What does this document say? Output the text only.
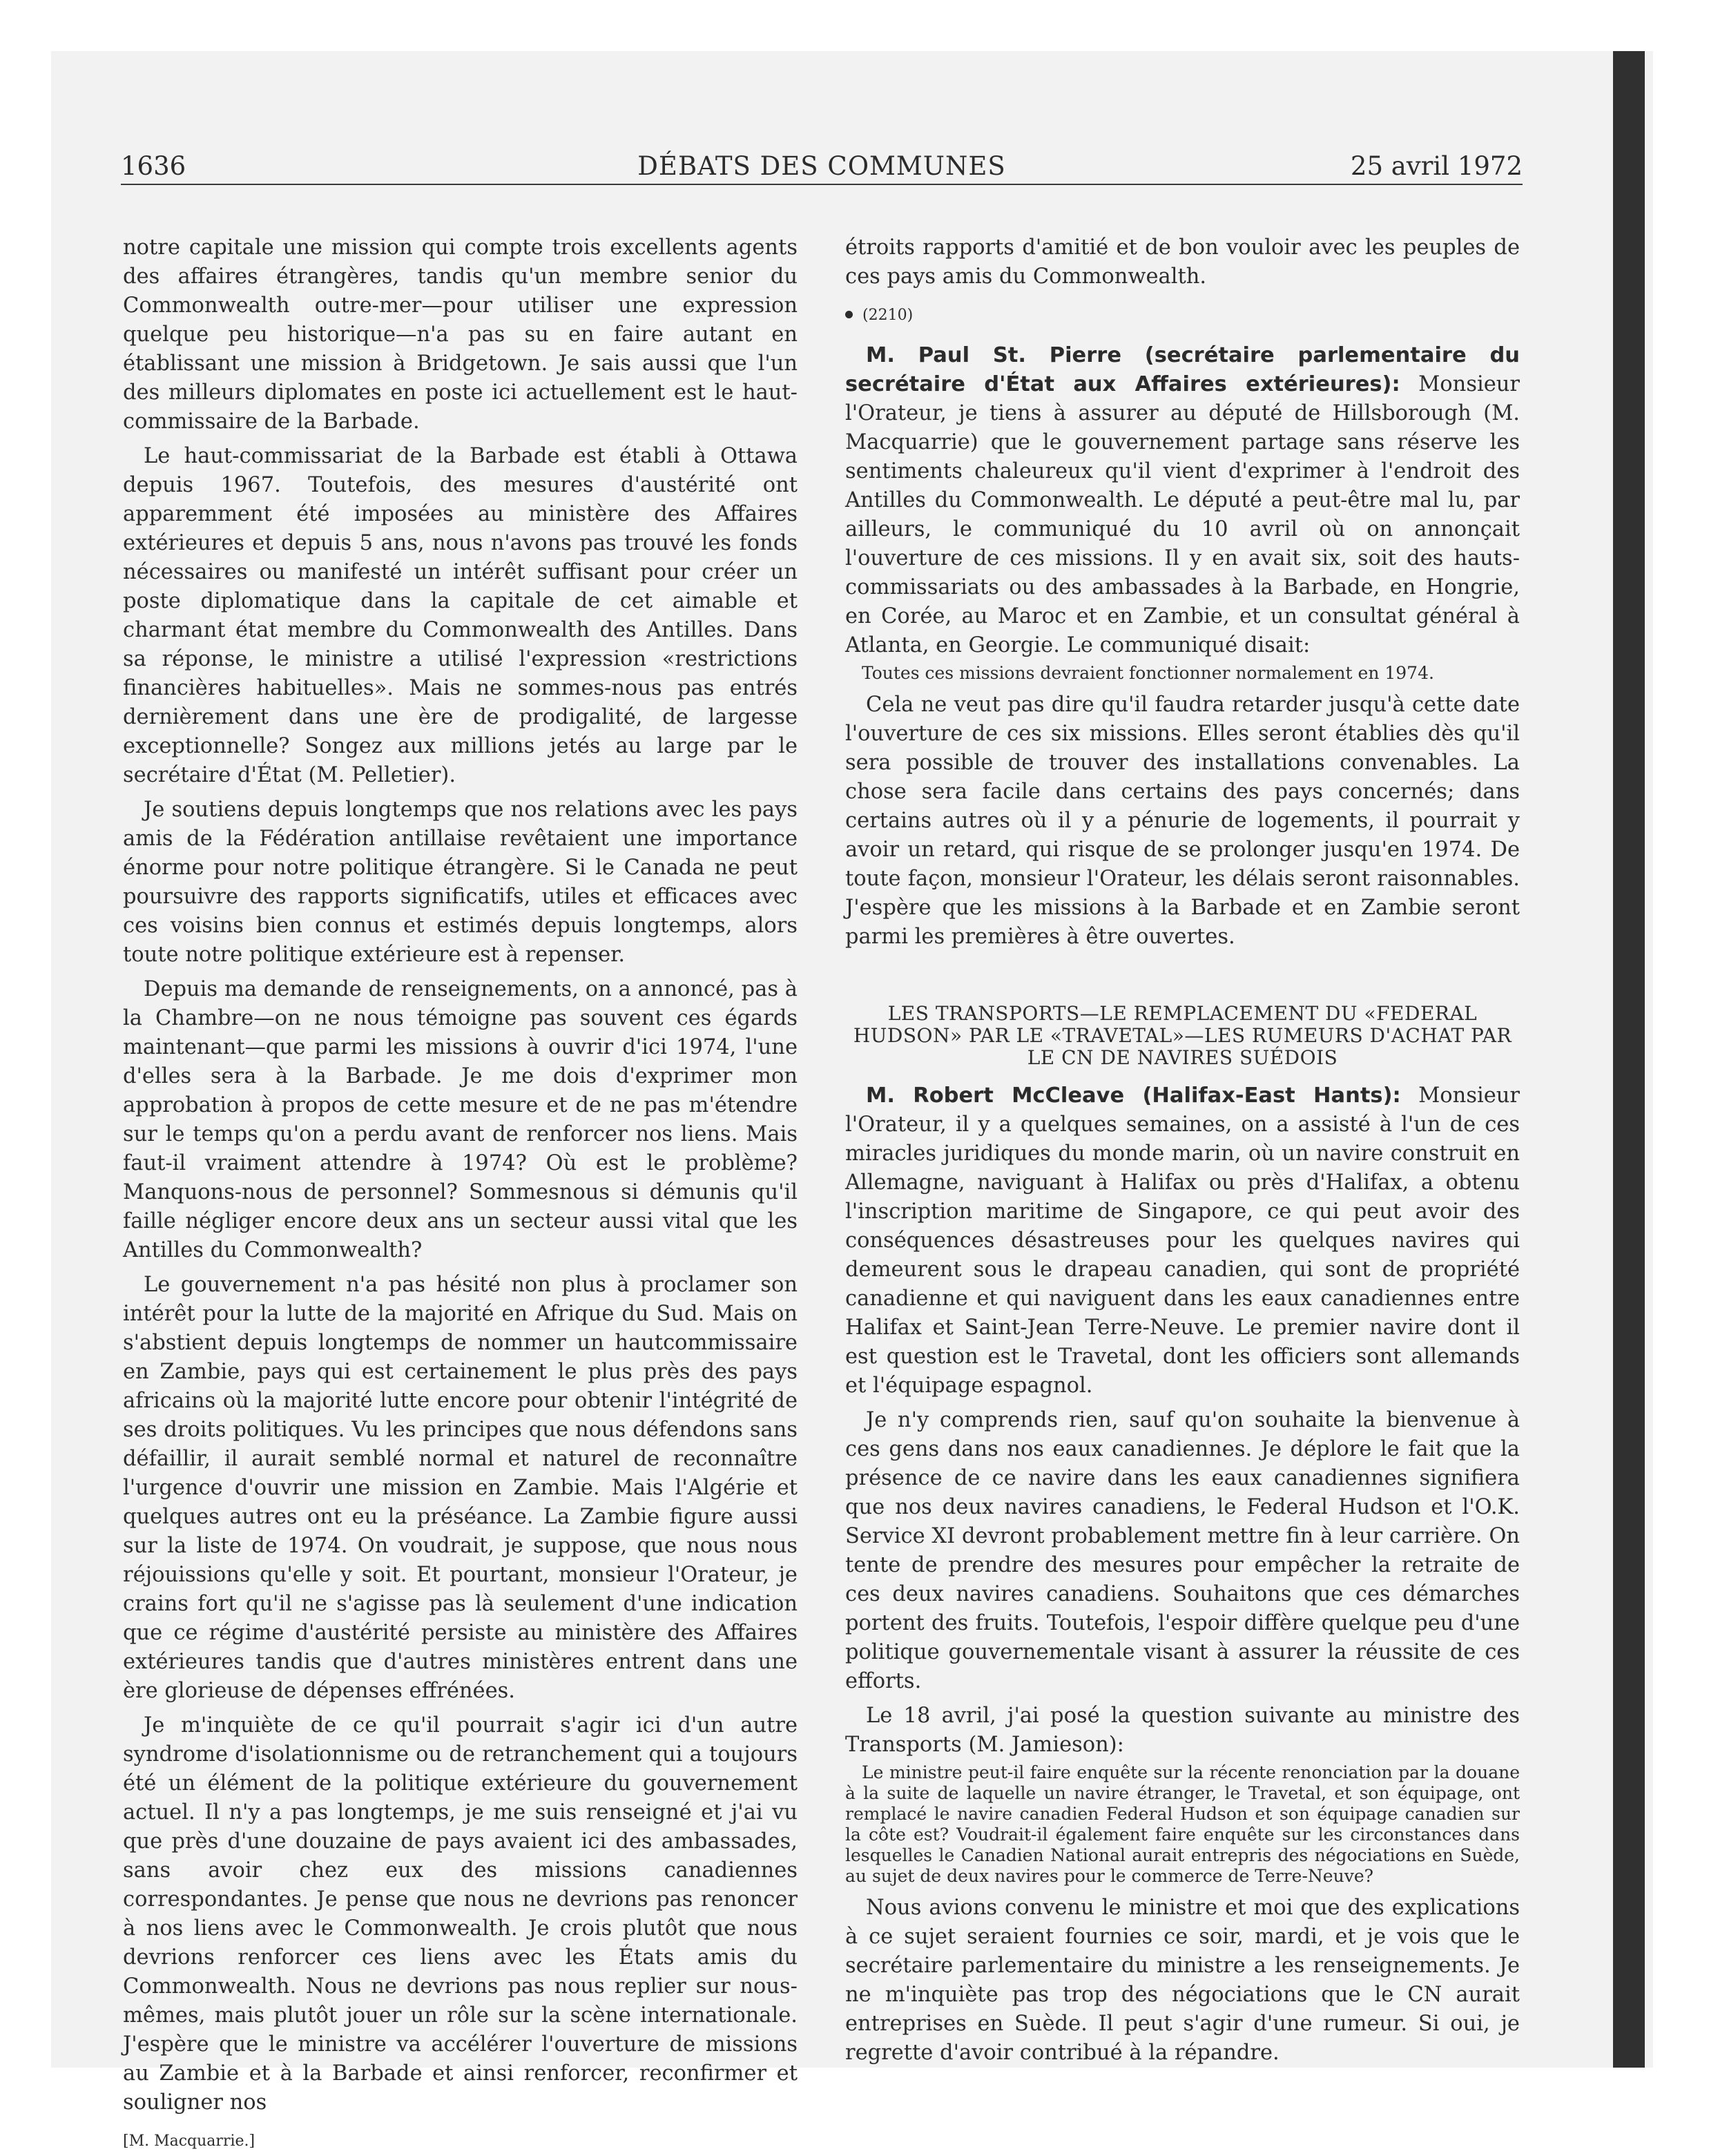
DÉBATS DES COMMUNES
1636	25 avril 1972

notre capitale une mission qui compte trois excellents agents des affaires étrangères, tandis qu'un membre senior du Commonwealth outre-mer—pour utiliser une expression quelque peu historique—n'a pas su en faire autant en établissant une mission à Bridgetown. Je sais aussi que l'un des milleurs diplomates en poste ici actuellement est le haut-commissaire de la Barbade.

Le haut-commissariat de la Barbade est établi à Ottawa depuis 1967. Toutefois, des mesures d'austérité ont apparemment été imposées au ministère des Affaires extérieures et depuis 5 ans, nous n'avons pas trouvé les fonds nécessaires ou manifesté un intérêt suffisant pour créer un poste diplomatique dans la capitale de cet aimable et charmant état membre du Commonwealth des Antilles. Dans sa réponse, le ministre a utilisé l'expression «restrictions financières habituelles». Mais ne sommes-nous pas entrés dernièrement dans une ère de prodigalité, de largesse exceptionnelle? Songez aux millions jetés au large par le secrétaire d'État (M. Pelletier).

Je soutiens depuis longtemps que nos relations avec les pays amis de la Fédération antillaise revêtaient une importance énorme pour notre politique étrangère. Si le Canada ne peut poursuivre des rapports significatifs, utiles et efficaces avec ces voisins bien connus et estimés depuis longtemps, alors toute notre politique extérieure est à repenser.

Depuis ma demande de renseignements, on a annoncé, pas à la Chambre—on ne nous témoigne pas souvent ces égards maintenant—que parmi les missions à ouvrir d'ici 1974, l'une d'elles sera à la Barbade. Je me dois d'exprimer mon approbation à propos de cette mesure et de ne pas m'étendre sur le temps qu'on a perdu avant de renforcer nos liens. Mais faut-il vraiment attendre à 1974? Où est le problème? Manquons-nous de personnel? Sommesnous si démunis qu'il faille négliger encore deux ans un secteur aussi vital que les Antilles du Commonwealth?

Le gouvernement n'a pas hésité non plus à proclamer son intérêt pour la lutte de la majorité en Afrique du Sud. Mais on s'abstient depuis longtemps de nommer un hautcommissaire en Zambie, pays qui est certainement le plus près des pays africains où la majorité lutte encore pour obtenir l'intégrité de ses droits politiques. Vu les principes que nous défendons sans défaillir, il aurait semblé normal et naturel de reconnaître l'urgence d'ouvrir une mission en Zambie. Mais l'Algérie et quelques autres ont eu la préséance. La Zambie figure aussi sur la liste de 1974. On voudrait, je suppose, que nous nous réjouissions qu'elle y soit. Et pourtant, monsieur l'Orateur, je crains fort qu'il ne s'agisse pas là seulement d'une indication que ce régime d'austérité persiste au ministère des Affaires extérieures tandis que d'autres ministères entrent dans une ère glorieuse de dépenses effrénées.

Je m'inquiète de ce qu'il pourrait s'agir ici d'un autre syndrome d'isolationnisme ou de retranchement qui a toujours été un élément de la politique extérieure du gouvernement actuel. Il n'y a pas longtemps, je me suis renseigné et j'ai vu que près d'une douzaine de pays avaient ici des ambassades, sans avoir chez eux des missions canadiennes correspondantes. Je pense que nous ne devrions pas renoncer à nos liens avec le Commonwealth. Je crois plutôt que nous devrions renforcer ces liens avec les États amis du Commonwealth. Nous ne devrions pas nous replier sur nous-mêmes, mais plutôt jouer un rôle sur la scène internationale. J'espère que le ministre va accélérer l'ouverture de missions au Zambie et à la Barbade et ainsi renforcer, reconfirmer et souligner nos

[M. Macquarrie.]

étroits rapports d'amitié et de bon vouloir avec les peuples de ces pays amis du Commonwealth.

(2210)

M. Paul St. Pierre (secrétaire parlementaire du secrétaire d'État aux Affaires extérieures): Monsieur l'Orateur, je tiens à assurer au député de Hillsborough (M. Macquarrie) que le gouvernement partage sans réserve les sentiments chaleureux qu'il vient d'exprimer à l'endroit des Antilles du Commonwealth. Le député a peut-être mal lu, par ailleurs, le communiqué du 10 avril où on annonçait l'ouverture de ces missions. Il y en avait six, soit des hauts-commissariats ou des ambassades à la Barbade, en Hongrie, en Corée, au Maroc et en Zambie, et un consultat général à Atlanta, en Georgie. Le communiqué disait:

Toutes ces missions devraient fonctionner normalement en 1974.

Cela ne veut pas dire qu'il faudra retarder jusqu'à cette date l'ouverture de ces six missions. Elles seront établies dès qu'il sera possible de trouver des installations convenables. La chose sera facile dans certains des pays concernés; dans certains autres où il y a pénurie de logements, il pourrait y avoir un retard, qui risque de se prolonger jusqu'en 1974. De toute façon, monsieur l'Orateur, les délais seront raisonnables. J'espère que les missions à la Barbade et en Zambie seront parmi les premières à être ouvertes.

LES TRANSPORTS—LE REMPLACEMENT DU «FEDERAL HUDSON» PAR LE «TRAVETAL»—LES RUMEURS D'ACHAT PAR LE CN DE NAVIRES SUÉDOIS

M. Robert McCleave (Halifax-East Hants): Monsieur l'Orateur, il y a quelques semaines, on a assisté à l'un de ces miracles juridiques du monde marin, où un navire construit en Allemagne, naviguant à Halifax ou près d'Halifax, a obtenu l'inscription maritime de Singapore, ce qui peut avoir des conséquences désastreuses pour les quelques navires qui demeurent sous le drapeau canadien, qui sont de propriété canadienne et qui naviguent dans les eaux canadiennes entre Halifax et Saint-Jean Terre-Neuve. Le premier navire dont il est question est le Travetal, dont les officiers sont allemands et l'équipage espagnol.

Je n'y comprends rien, sauf qu'on souhaite la bienvenue à ces gens dans nos eaux canadiennes. Je déplore le fait que la présence de ce navire dans les eaux canadiennes signifiera que nos deux navires canadiens, le Federal Hudson et l'O.K. Service XI devront probablement mettre fin à leur carrière. On tente de prendre des mesures pour empêcher la retraite de ces deux navires canadiens. Souhaitons que ces démarches portent des fruits. Toutefois, l'espoir diffère quelque peu d'une politique gouvernementale visant à assurer la réussite de ces efforts.

Le 18 avril, j'ai posé la question suivante au ministre des Transports (M. Jamieson):

Le ministre peut-il faire enquête sur la récente renonciation par la douane à la suite de laquelle un navire étranger, le Travetal, et son équipage, ont remplacé le navire canadien Federal Hudson et son équipage canadien sur la côte est? Voudrait-il également faire enquête sur les circonstances dans lesquelles le Canadien National aurait entrepris des négociations en Suède, au sujet de deux navires pour le commerce de Terre-Neuve?

Nous avions convenu le ministre et moi que des explications à ce sujet seraient fournies ce soir, mardi, et je vois que le secrétaire parlementaire du ministre a les renseignements. Je ne m'inquiète pas trop des négociations que le CN aurait entreprises en Suède. Il peut s'agir d'une rumeur. Si oui, je regrette d'avoir contribué à la répandre.
